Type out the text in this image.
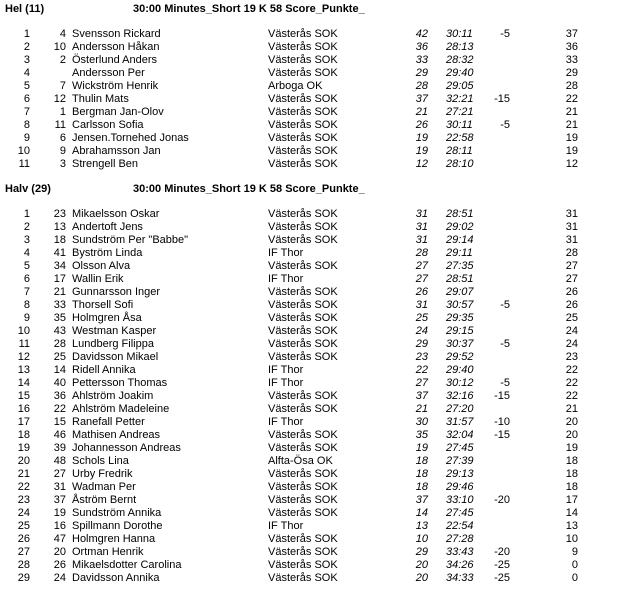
Hel (11)	30:00 Minutes_Short 19 K 58 Score_Punkte_
1	4 Svensson Rickard	Västerås SOK	42 30:11	-5	37
2	10 Andersson Håkan	Västerås SOK	36 28:13	36
3	2 Österlund Anders	Västerås SOK	33 28:32	33
4	Andersson Per	Västerås SOK	29 29:40	29
5	7 Wickström Henrik	Arboga OK	28 29:05	28
6	12 Thulin Mats	Västerås SOK	37 32:21	-15	22
7	1 Bergman Jan-Olov	Västerås SOK	21 27:21	21
8	11 Carlsson Sofia	Västerås SOK	26 30:11	-5	21
9	6 Jensen.Tornehed Jonas	Västerås SOK	19 22:58	19
10	9 Abrahamsson Jan	Västerås SOK	19 28:11	19
11	3 Strengell Ben	Västerås SOK	12 28:10	12
Halv (29)	30:00 Minutes_Short 19 K 58 Score_Punkte_
1	23 Mikaelsson Oskar	Västerås SOK	31 28:51	31
2	13 Andertoft Jens	Västerås SOK	31 29:02	31
3	18 Sundström Per "Babbe"	Västerås SOK	31 29:14	31
4	41 Byström Linda	IF Thor	28 29:11	28
5	34 Olsson Alva	Västerås SOK	27 27:35	27
6	17 Wallin Erik	IF Thor	27 28:51	27
7	21 Gunnarsson Inger	Västerås SOK	26 29:07	26
8	33 Thorsell Sofi	Västerås SOK	31 30:57	-5	26
9	35 Holmgren Åsa	Västerås SOK	25 29:35	25
10	43 Westman Kasper	Västerås SOK	24 29:15	24
11	28 Lundberg Filippa	Västerås SOK	29 30:37	-5	24
12	25 Davidsson Mikael	Västerås SOK	23 29:52	23
13	14 Ridell Annika	IF Thor	22 29:40	22
14	40 Pettersson Thomas	IF Thor	27 30:12	-5	22
15	36 Ahlström Joakim	Västerås SOK	37 32:16	-15	22
16	22 Ahlström Madeleine	Västerås SOK	21 27:20	21
17	15 Ranefall Petter	IF Thor	30 31:57	-10	20
18	46 Mathisen Andreas	Västerås SOK	35 32:04	-15	20
19	39 Johannesson Andreas	Västerås SOK	19 27:45	19
20	48 Schols Lina	Alfta-Ösa OK	18 27:39	18
21	27 Urby Fredrik	Västerås SOK	18 29:13	18
22	31 Wadman Per	Västerås SOK	18 29:46	18
23	37 Åström Bernt	Västerås SOK	37 33:10	-20	17
24	19 Sundström Annika	Västerås SOK	14 27:45	14
25	16 Spillmann Dorothe	IF Thor	13 22:54	13
26	47 Holmgren Hanna	Västerås SOK	10 27:28	10
27	20 Ortman Henrik	Västerås SOK	29 33:43	-20	9
28	26 Mikaelsdotter Carolina	Västerås SOK	20 34:26	-25	0
29	24 Davidsson Annika	Västerås SOK	20 34:33	-25	0
